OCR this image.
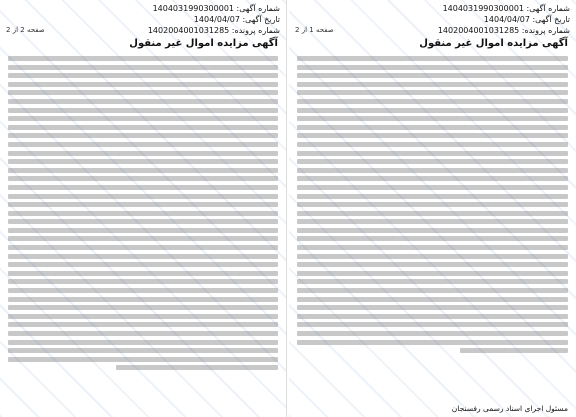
شماره آگهی: 1404031990300001
تاریخ آگهی: 1404/04/07
شماره پرونده: 1402004001031285
صفحه 2 از 2
آگهی مزایده اموال غیر منقول
شماره آگهی: 1404031990300001
تاریخ آگهی: 1404/04/07
شماره پرونده: 1402004001031285
صفحه 1 از 2
آگهی مزایده اموال غیر منقول
مسئول اجرای اسناد رسمی رفسنجان
